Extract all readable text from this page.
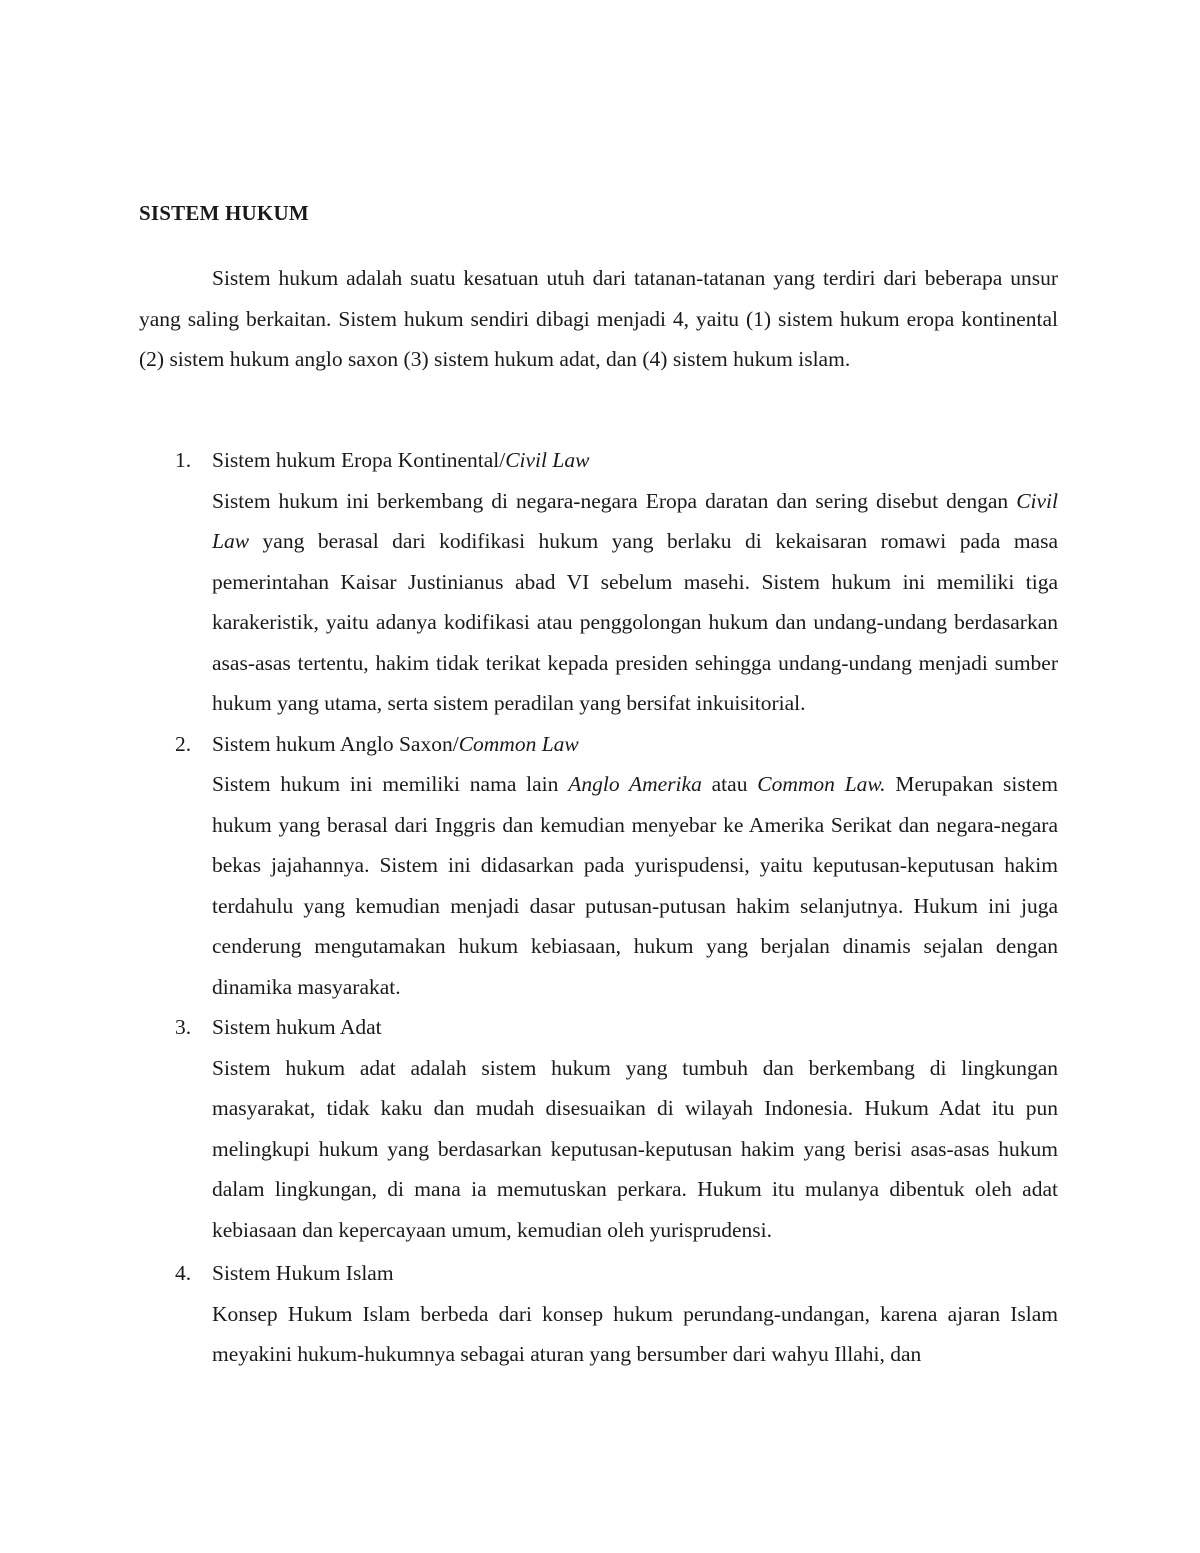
SISTEM HUKUM

Sistem hukum adalah suatu kesatuan utuh dari tatanan-tatanan yang terdiri dari beberapa unsur yang saling berkaitan. Sistem hukum sendiri dibagi menjadi 4, yaitu (1) sistem hukum eropa kontinental (2) sistem hukum anglo saxon (3) sistem hukum adat, dan (4) sistem hukum islam.

1. Sistem hukum Eropa Kontinental/Civil Law

Sistem hukum ini berkembang di negara-negara Eropa daratan dan sering disebut dengan Civil Law yang berasal dari kodifikasi hukum yang berlaku di kekaisaran romawi pada masa pemerintahan Kaisar Justinianus abad VI sebelum masehi. Sistem hukum ini memiliki tiga karakeristik, yaitu adanya kodifikasi atau penggolongan hukum dan undang-undang berdasarkan asas-asas tertentu, hakim tidak terikat kepada presiden sehingga undang-undang menjadi sumber hukum yang utama, serta sistem peradilan yang bersifat inkuisitorial.

2. Sistem hukum Anglo Saxon/Common Law

Sistem hukum ini memiliki nama lain Anglo Amerika atau Common Law. Merupakan sistem hukum yang berasal dari Inggris dan kemudian menyebar ke Amerika Serikat dan negara-negara bekas jajahannya. Sistem ini didasarkan pada yurispudensi, yaitu keputusan-keputusan hakim terdahulu yang kemudian menjadi dasar putusan-putusan hakim selanjutnya. Hukum ini juga cenderung mengutamakan hukum kebiasaan, hukum yang berjalan dinamis sejalan dengan dinamika masyarakat.

3. Sistem hukum Adat

Sistem hukum adat adalah sistem hukum yang tumbuh dan berkembang di lingkungan masyarakat, tidak kaku dan mudah disesuaikan di wilayah Indonesia. Hukum Adat itu pun melingkupi hukum yang berdasarkan keputusan-keputusan hakim yang berisi asas-asas hukum dalam lingkungan, di mana ia memutuskan perkara. Hukum itu mulanya dibentuk oleh adat kebiasaan dan kepercayaan umum, kemudian oleh yurisprudensi.

4. Sistem Hukum Islam

Konsep Hukum Islam berbeda dari konsep hukum perundang-undangan, karena ajaran Islam meyakini hukum-hukumnya sebagai aturan yang bersumber dari wahyu Illahi, dan
